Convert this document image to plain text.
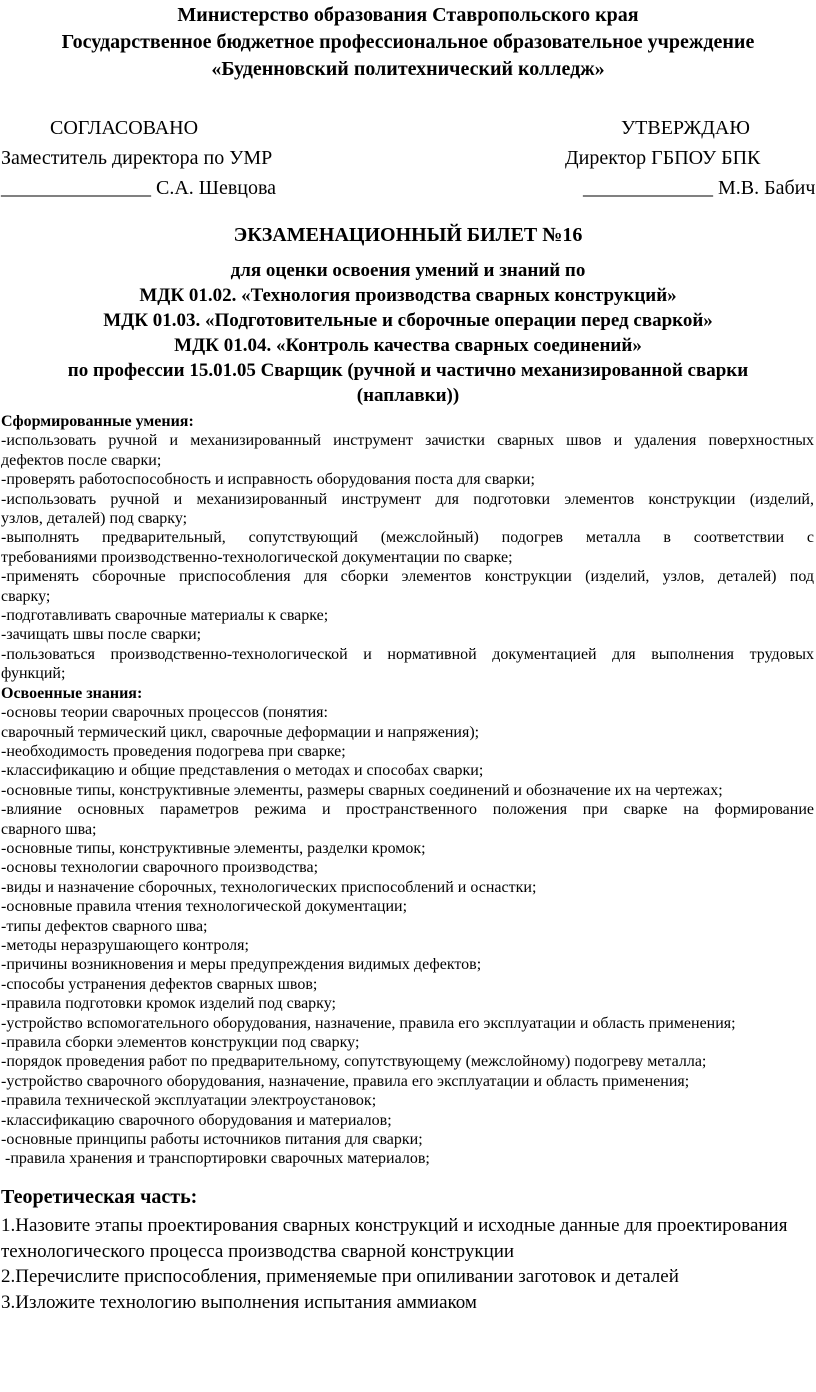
Министерство образования Ставропольского края
Государственное бюджетное профессиональное образовательное учреждение
«Буденновский политехнический колледж»
СОГЛАСОВАНО
Заместитель директора по УМР
_______________ С.А. Шевцова
УТВЕРЖДАЮ
Директор ГБПОУ БПК
_____________ М.В. Бабич
ЭКЗАМЕНАЦИОННЫЙ БИЛЕТ №16
для оценки освоения умений и знаний по
МДК 01.02. «Технология производства сварных конструкций»
МДК 01.03. «Подготовительные и сборочные операции перед сваркой»
МДК 01.04. «Контроль качества сварных соединений»
по профессии 15.01.05 Сварщик (ручной и частично механизированной сварки
(наплавки))
Сформированные умения:
-использовать ручной и механизированный инструмент зачистки сварных швов и удаления поверхностных
дефектов после сварки;
-проверять работоспособность и исправность оборудования поста для сварки;
-использовать ручной и механизированный инструмент для подготовки элементов конструкции (изделий,
узлов, деталей) под сварку;
-выполнять предварительный, сопутствующий (межслойный) подогрев металла в соответствии с
требованиями производственно-технологической документации по сварке;
-применять сборочные приспособления для сборки элементов конструкции (изделий, узлов, деталей) под
сварку;
-подготавливать сварочные материалы к сварке;
-зачищать швы после сварки;
-пользоваться производственно-технологической и нормативной документацией для выполнения трудовых
функций;
Освоенные знания:
-основы теории сварочных процессов (понятия:
сварочный термический цикл, сварочные деформации и напряжения);
-необходимость проведения подогрева при сварке;
-классификацию и общие представления о методах и способах сварки;
-основные типы, конструктивные элементы, размеры сварных соединений и обозначение их на чертежах;
-влияние основных параметров режима и пространственного положения при сварке на формирование
сварного шва;
-основные типы, конструктивные элементы, разделки кромок;
-основы технологии сварочного производства;
-виды и назначение сборочных, технологических приспособлений и оснастки;
-основные правила чтения технологической документации;
-типы дефектов сварного шва;
-методы неразрушающего контроля;
-причины возникновения и меры предупреждения видимых дефектов;
-способы устранения дефектов сварных швов;
-правила подготовки кромок изделий под сварку;
-устройство вспомогательного оборудования, назначение, правила его эксплуатации и область применения;
-правила сборки элементов конструкции под сварку;
-порядок проведения работ по предварительному, сопутствующему (межслойному) подогреву металла;
-устройство сварочного оборудования, назначение, правила его эксплуатации и область применения;
-правила технической эксплуатации электроустановок;
-классификацию сварочного оборудования и материалов;
-основные принципы работы источников питания для сварки;
-правила хранения и транспортировки сварочных материалов;
Теоретическая часть:
1.Назовите этапы проектирования сварных конструкций и исходные данные для проектирования
технологического процесса производства сварной конструкции
2.Перечислите приспособления, применяемые при опиливании заготовок и деталей
3.Изложите технологию выполнения испытания аммиаком
